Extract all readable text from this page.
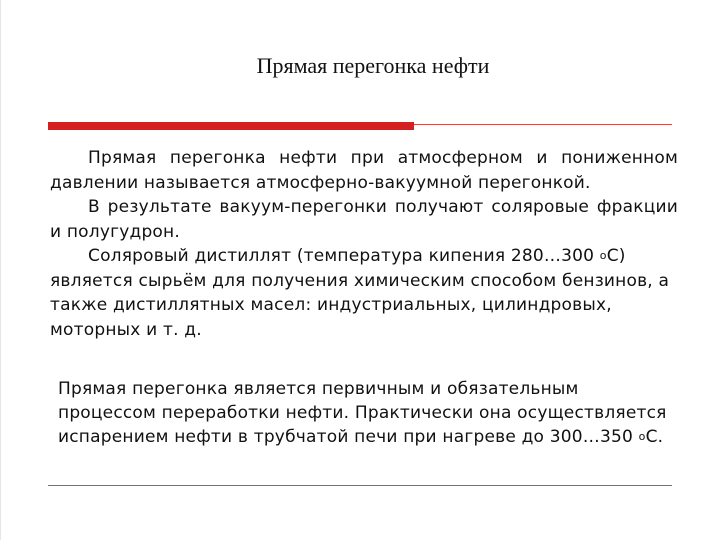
Прямая перегонка нефти

Прямая перегонка нефти при атмосферном и пониженном давлении называется атмосферно-вакуумной перегонкой.

В результате вакуум-перегонки получают соляровые фракции и полугудрон.

Соляровый дистиллят (температура кипения 280…300 оС) является сырьём для получения химическим способом бензинов, а также дистиллятных масел: индустриальных, цилиндровых, моторных и т. д.

Прямая перегонка является первичным и обязательным процессом переработки нефти. Практически она осуществляется испарением нефти в трубчатой печи при нагреве до 300…350 оС.
